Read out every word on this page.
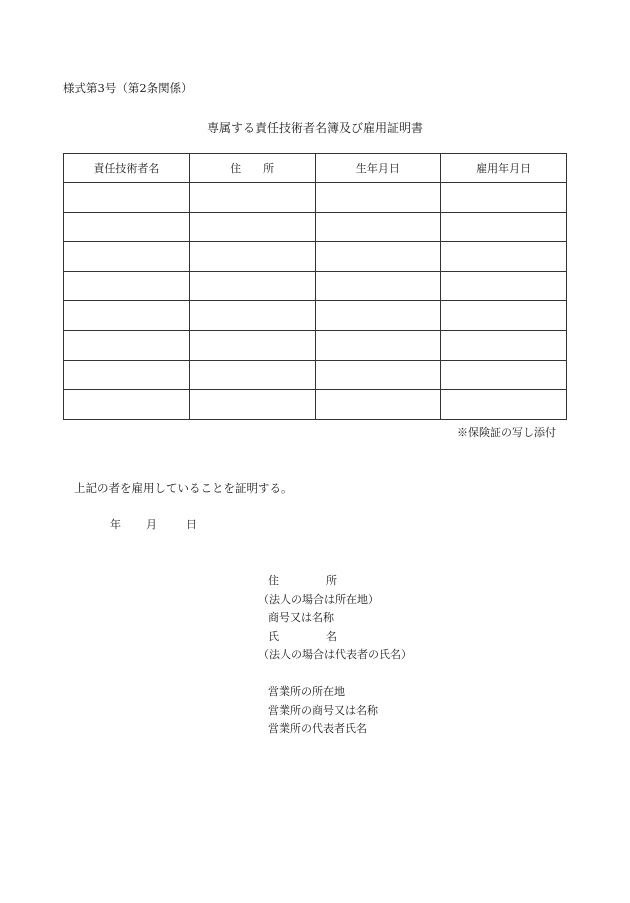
様式第3号（第2条関係）
専属する責任技術者名簿及び雇用証明書
責任技術者名	住　　所	生年月日	雇用年月日

※保険証の写し添付
上記の者を雇用していることを証明する。
年 月	日
住	所
（法人の場合は所在地）
商号又は名称
氏	名
（法人の場合は代表者の氏名）
営業所の所在地
営業所の商号又は名称
営業所の代表者氏名
